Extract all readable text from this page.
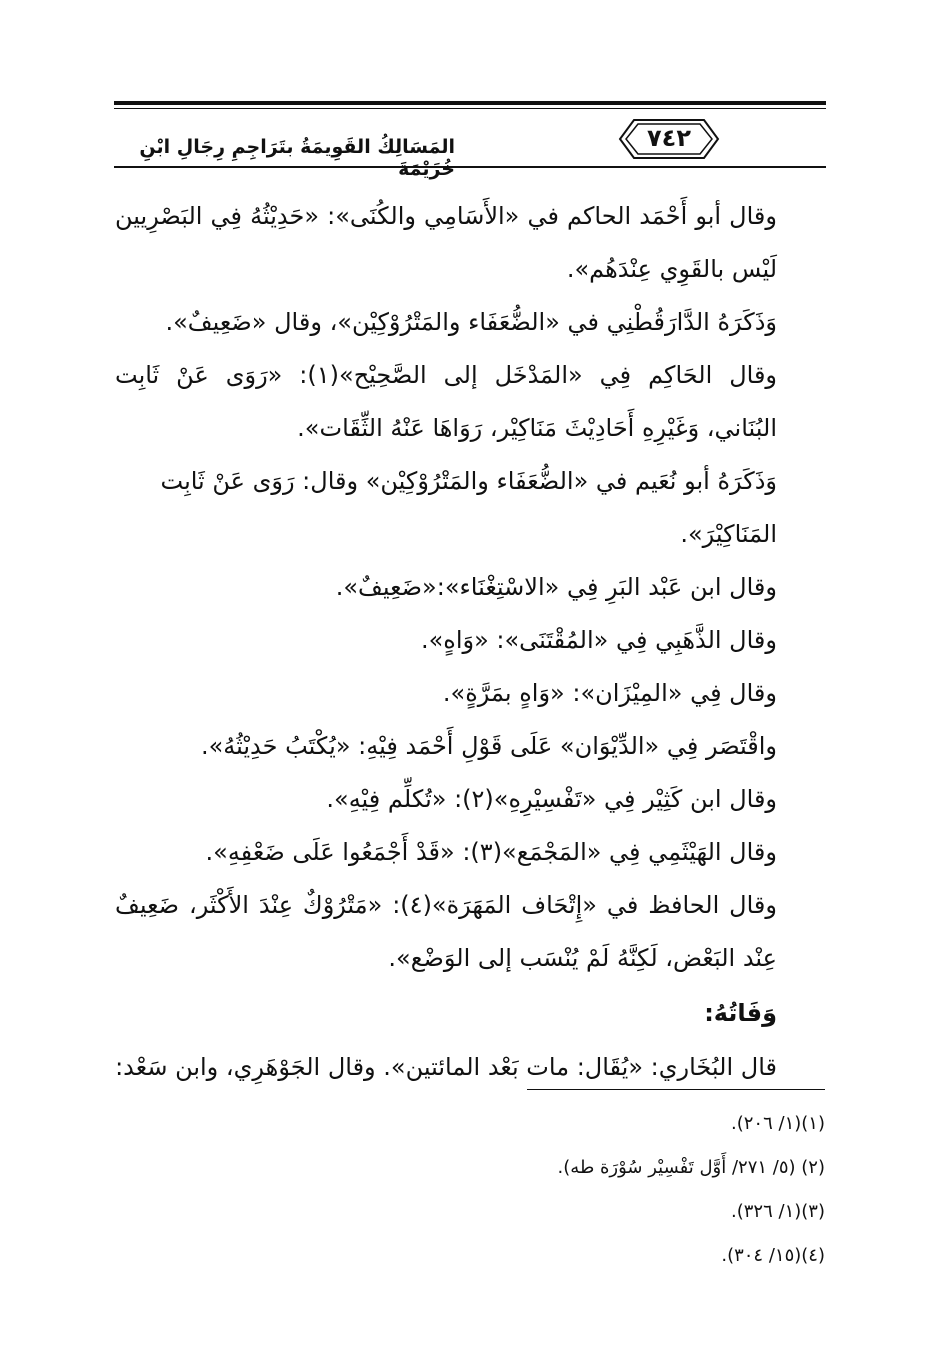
المَسَالِكُ القَوِيمَةُ بتَرَاجِمِ رِجَالِ ابْنِ خُزَيْمَةَ
٧٤٢

وقال أبو أَحْمَد الحاكم في «الأَسَامِي والكُنَى»: «حَدِيْثُهُ فِي البَصْرِيين لَيْس بالقَوِي عِنْدَهُم».

وَذَكَرَهُ الدَّارَقُطْنِي في «الضُّعَفَاء والمَتْرُوْكِيْن»، وقال «ضَعِيفٌ».

وقال الحَاكِم فِي «المَدْخَل إلى الصَّحِيْح»(١): «رَوَى عَنْ ثَابِت البُنَاني، وَغَيْرِهِ أَحَادِيْثَ مَنَاكِيْر، رَوَاهَا عَنْهُ الثِّقَات».

وَذَكَرَهُ أبو نُعَيم في «الضُّعَفَاء والمَتْرُوْكِيْن» وقال: رَوَى عَنْ ثَابِت المَنَاكِيْرَ».

وقال ابن عَبْد البَرِ فِي «الاسْتِغْنَاء»:«ضَعِيفٌ».

وقال الذَّهَبِي فِي «المُقْتَنَى»: «وَاهٍ».

وقال فِي «المِيْزَان»: «وَاهٍ بمَرَّةٍ».

واقْتَصَر فِي «الدِّيْوَان» عَلَى قَوْلِ أَحْمَد فِيْهِ: «يُكْتَبُ حَدِيْثُهُ».

وقال ابن كَثِيْر فِي «تَفْسِيْرِهِ»(٢): «تُكلِّم فِيْهِ».

وقال الهَيْثَمِي فِي «المَجْمَع»(٣): «قَدْ أَجْمَعُوا عَلَى ضَعْفِهِ».

وقال الحافظ في «إِتْحَاف المَهَرَة»(٤): «مَتْرُوْكٌ عِنْدَ الأَكْثَر، ضَعِيفٌ عِنْد البَعْض، لَكِنَّهُ لَمْ يُنْسَب إلى الوَضْع».

وَفَاتُهُ:

قال البُخَاري: «يُقَال: مات بَعْد المائتين». وقال الجَوْهَرِي، وابن سَعْد:

(١)(١/ ٢٠٦).
(٢) (٥/ ٢٧١/ أَوَّل تَفْسِيْر سُوْرَة طه).
(٣)(١/ ٣٢٦).
(٤)(١٥/ ٣٠٤).
